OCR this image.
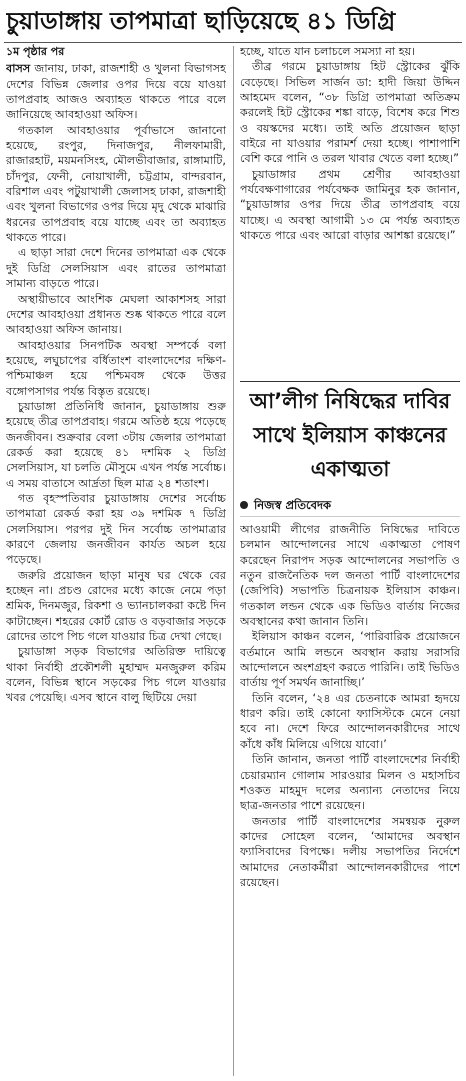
চুয়াডাঙ্গায় তাপমাত্রা ছাড়িয়েছে ৪১ ডিগ্রি
১ম পৃষ্ঠার পর

বাসস জানায়, ঢাকা, রাজশাহী ও খুলনা বিভাগসহ দেশের বিভিন্ন জেলার ওপর দিয়ে বয়ে যাওয়া তাপপ্রবাহ আজও অব্যাহত থাকতে পারে বলে জানিয়েছে আবহাওয়া অফিস।

গতকাল আবহাওয়ার পূর্বাভাসে জানানো হয়েছে, রংপুর, দিনাজপুর, নীলফামারী, রাজারহাট, ময়মনসিংহ, মৌলভীবাজার, রাঙ্গামাটি, চাঁদপুর, ফেনী, নোয়াখালী, চট্টগ্রাম, বান্দরবান, বরিশাল এবং পটুয়াখালী জেলাসহ ঢাকা, রাজশাহী এবং খুলনা বিভাগের ওপর দিয়ে মৃদু থেকে মাঝারি ধরনের তাপপ্রবাহ বয়ে যাচ্ছে এবং তা অব্যাহত থাকতে পারে।

এ ছাড়া সারা দেশে দিনের তাপমাত্রা এক থেকে দুই ডিগ্রি সেলসিয়াস এবং রাতের তাপমাত্রা সামান্য বাড়তে পারে।

অস্থায়ীভাবে আংশিক মেঘলা আকাশসহ সারা দেশের আবহাওয়া প্রধানত শুষ্ক থাকতে পারে বলে আবহাওয়া অফিস জানায়।

আবহাওয়ার সিনপটিক অবস্থা সম্পর্কে বলা হয়েছে, লঘুচাপের বর্ধিতাংশ বাংলাদেশের দক্ষিণ-পশ্চিমাঞ্চল হয়ে পশ্চিমবঙ্গ থেকে উত্তর বঙ্গোপসাগর পর্যন্ত বিস্তৃত রয়েছে।

চুয়াডাঙ্গা প্রতিনিধি জানান, চুয়াডাঙ্গায় শুরু হয়েছে তীব্র তাপপ্রবাহ। গরমে অতিষ্ঠ হয়ে পড়েছে জনজীবন। শুক্রবার বেলা ৩টায় জেলার তাপমাত্রা রেকর্ড করা হয়েছে ৪১ দশমিক ২ ডিগ্রি সেলসিয়াস, যা চলতি মৌসুমে এখন পর্যন্ত সর্বোচ্চ। এ সময় বাতাসে আর্দ্রতা ছিল মাত্র ২৪ শতাংশ।

গত বৃহস্পতিবার চুয়াডাঙ্গায় দেশের সর্বোচ্চ তাপমাত্রা রেকর্ড করা হয় ৩৯ দশমিক ৭ ডিগ্রি সেলসিয়াস। পরপর দুই দিন সর্বোচ্চ তাপমাত্রার কারণে জেলায় জনজীবন কার্যত অচল হয়ে পড়েছে।

জরুরি প্রয়োজন ছাড়া মানুষ ঘর থেকে বের হচ্ছেন না। প্রচণ্ড রোদের মধ্যে কাজে নেমে পড়া শ্রমিক, দিনমজুর, রিকশা ও ভ্যানচালকরা কষ্টে দিন কাটাচ্ছেন। শহরের কোর্ট রোড ও বড়বাজার সড়কে রোদের তাপে পিচ গলে যাওয়ার চিত্র দেখা গেছে।

চুয়াডাঙ্গা সড়ক বিভাগের অতিরিক্ত দায়িত্বে থাকা নির্বাহী প্রকৌশলী মুহাম্মদ মনজুরুল করিম বলেন, বিভিন্ন স্থানে সড়কের পিচ গলে যাওয়ার খবর পেয়েছি। এসব স্থানে বালু ছিটিয়ে দেয়া

হচ্ছে, যাতে যান চলাচলে সমস্যা না হয়।

তীব্র গরমে চুয়াডাঙ্গায় হিট স্ট্রোকের ঝুঁকি বেড়েছে। সিভিল সার্জন ডা: হাদী জিয়া উদ্দিন আহমেদ বলেন, “৩৮ ডিগ্রি তাপমাত্রা অতিক্রম করলেই হিট স্ট্রোকের শঙ্কা বাড়ে, বিশেষ করে শিশু ও বয়স্কদের মধ্যে। তাই অতি প্রয়োজন ছাড়া বাইরে না যাওয়ার পরামর্শ দেয়া হচ্ছে। পাশাপাশি বেশি করে পানি ও তরল খাবার খেতে বলা হচ্ছে।”

চুয়াডাঙ্গার প্রথম শ্রেণীর আবহাওয়া পর্যবেক্ষণাগারের পর্যবেক্ষক জামিনুর হক জানান, “চুয়াডাঙ্গার ওপর দিয়ে তীব্র তাপপ্রবাহ বয়ে যাচ্ছে। এ অবস্থা আগামী ১৩ মে পর্যন্ত অব্যাহত থাকতে পারে এবং আরো বাড়ার আশঙ্কা রয়েছে।”

আ’লীগ নিষিদ্ধের দাবির সাথে ইলিয়াস কাঞ্চনের একাত্মতা
নিজস্ব প্রতিবেদক

আওয়ামী লীগের রাজনীতি নিষিদ্ধের দাবিতে চলমান আন্দোলনের সাথে একাত্মতা পোষণ করেছেন নিরাপদ সড়ক আন্দোলনের সভাপতি ও নতুন রাজনৈতিক দল জনতা পার্টি বাংলাদেশের (জেপিবি) সভাপতি চিত্রনায়ক ইলিয়াস কাঞ্চন। গতকাল লন্ডন থেকে এক ভিডিও বার্তায় নিজের অবস্থানের কথা জানান তিনি।

ইলিয়াস কাঞ্চন বলেন, ‘পারিবারিক প্রয়োজনে বর্তমানে আমি লন্ডনে অবস্থান করায় সরাসরি আন্দোলনে অংশগ্রহণ করতে পারিনি। তাই ভিডিও বার্তায় পূর্ণ সমর্থন জানাচ্ছি।’

তিনি বলেন, ‘২৪ এর চেতনাকে আমরা হৃদয়ে ধারণ করি। তাই কোনো ফ্যাসিস্টকে মেনে নেয়া হবে না। দেশে ফিরে আন্দোলনকারীদের সাথে কাঁধে কাঁধ মিলিয়ে এগিয়ে যাবো।’

তিনি জানান, জনতা পার্টি বাংলাদেশের নির্বাহী চেয়ারম্যান গোলাম সারওয়ার মিলন ও মহাসচিব শওকত মাহমুদ দলের অন্যান্য নেতাদের নিয়ে ছাত্র-জনতার পাশে রয়েছেন।

জনতার পার্টি বাংলাদেশের সমন্বয়ক নুরুল কাদের সোহেল বলেন, ‘আমাদের অবস্থান ফ্যাসিবাদের বিপক্ষে। দলীয় সভাপতির নির্দেশে আমাদের নেতাকর্মীরা আন্দোলনকারীদের পাশে রয়েছেন।
